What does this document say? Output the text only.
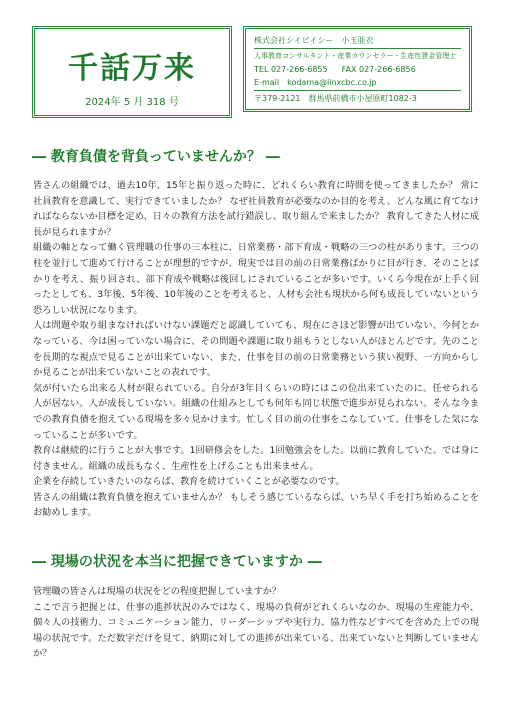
千話万来
2024年 5 月 318 号
株式会社シイビイシー　小玉亜衣
人事教育コンサルタント・産業カウンセラー・生産性賃金管理士
TEL 027-266-6855 FAX 027-266-6856
E-mail kodama@linxcbc.co.jp
〒379-2121　群馬県前橋市小屋原町1082-3
― 教育負債を背負っていませんか？ ―

皆さんの組織では、過去10年、15年と振り返った時に、どれくらい教育に時間を使ってきましたか？ 常に社員教育を意識して、実行できていましたか？ なぜ社員教育が必要なのか目的を考え、どんな風に育てなければならないか目標を定め、日々の教育方法を試行錯誤し、取り組んで来ましたか？ 教育してきた人材に成長が見られますか？

組織の軸となって働く管理職の仕事の三本柱に、日常業務・部下育成・戦略の三つの柱があります。三つの柱を並行して進めて行けることが理想的ですが、現実では目の前の日常業務ばかりに目が行き、そのことばかりを考え、振り回され、部下育成や戦略は後回しにされていることが多いです。いくら今現在が上手く回ったとしても、3年後、5年後、10年後のことを考えると、人材も会社も現状から何も成長していないという恐ろしい状況になります。

人は問題や取り組まなければいけない課題だと認識していても、現在にさほど影響が出ていない、今何とかなっている、今は困っていない場合に、その問題や課題に取り組もうとしない人がほとんどです。先のことを長期的な視点で見ることが出来ていない、また、仕事を目の前の日常業務という狭い視野、一方向からしか見ることが出来ていないことの表れです。

気が付いたら出来る人材が限られている。自分が3年目くらいの時にはこの位出来ていたのに。任せられる人が居ない。人が成長していない。組織の仕組みとしても何年も同じ状態で進歩が見られない。そんな今までの教育負債を抱えている現場を多々見かけます。忙しく目の前の仕事をこなしていて、仕事をした気になっていることが多いです。

教育は継続的に行うことが大事です。1回研修会をした。1回勉強会をした。以前に教育していた。では身に付きません。組織の成長もなく、生産性を上げることも出来ません。

企業を存続していきたいのならば、教育を続けていくことが必要なのです。

皆さんの組織は教育負債を抱えていませんか？ もしそう感じているならば、いち早く手を打ち始めることをお勧めします。

― 現場の状況を本当に把握できていますか ―

管理職の皆さんは現場の状況をどの程度把握していますか？

ここで言う把握とは、仕事の進捗状況のみではなく、現場の負荷がどれくらいなのか、現場の生産能力や、個々人の技術力、コミュニケーション能力、リーダーシップや実行力、協力性などすべてを含めた上での現場の状況です。ただ数字だけを見て、納期に対しての進捗が出来ている、出来ていないと判断していませんか？
